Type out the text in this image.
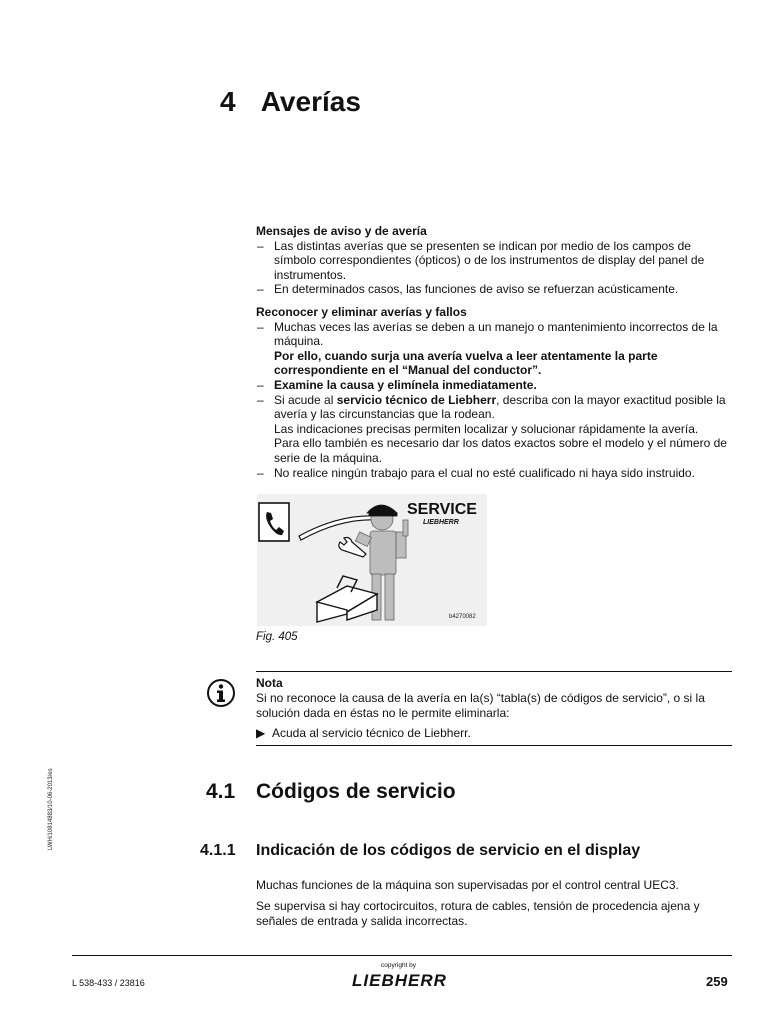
4 Averías

Mensajes de aviso y de avería

– Las distintas averías que se presenten se indican por medio de los campos de símbolo correspondientes (ópticos) o de los instrumentos de display del panel de instrumentos.
– En determinados casos, las funciones de aviso se refuerzan acústicamente.

Reconocer y eliminar averías y fallos

– Muchas veces las averías se deben a un manejo o mantenimiento incorrectos de la máquina.
Por ello, cuando surja una avería vuelva a leer atentamente la parte correspondiente en el “Manual del conductor”.
– Examine la causa y elimínela inmediatamente.
– Si acude al servicio técnico de Liebherr, describa con la mayor exactitud posible la avería y las circunstancias que la rodean.
Las indicaciones precisas permiten localizar y solucionar rápidamente la avería.
Para ello también es necesario dar los datos exactos sobre el modelo y el número de serie de la máquina.
– No realice ningún trabajo para el cual no esté cualificado ni haya sido instruido.
SERVICE
LIEBHERR
b4270082
Fig. 405
Nota
Si no reconoce la causa de la avería en la(s) “tabla(s) de códigos de servicio”, o si la solución dada en éstas no le permite eliminarla:
▶ Acuda al servicio técnico de Liebherr.
4.1 Códigos de servicio
4.1.1 Indicación de los códigos de servicio en el display
Muchas funciones de la máquina son supervisadas por el control central UEC3.
Se supervisa si hay cortocircuitos, rotura de cables, tensión de procedencia ajena y señales de entrada y salida incorrectas.
LWH/10814883/10-06-2013/es
L 538-433 / 23816
copyright by
LIEBHERR	259
